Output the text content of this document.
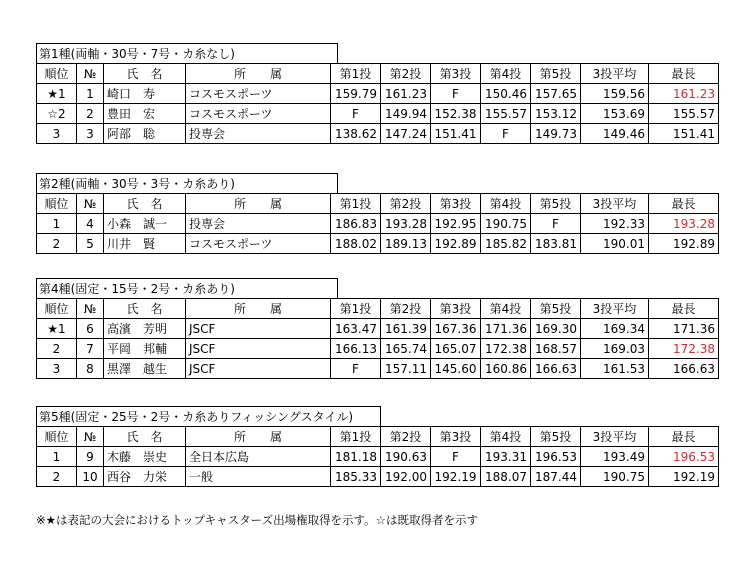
第1種(両軸・30号・7号・カ糸なし)
順位	№	氏　名	所　　属	第1投	第2投	第3投	第4投	第5投	3投平均	最長
★1	1	崎口　寿	コスモスポーツ	159.79	161.23	F	150.46	157.65	159.56	161.23
☆2	2	豊田　宏	コスモスポーツ	F	149.94	152.38	155.57	153.12	153.69	155.57
3	3	阿部　聡	投専会	138.62	147.24	151.41	F	149.73	149.46	151.41
第2種(両軸・30号・3号・カ糸あり)
順位	№	氏　名	所　　属	第1投	第2投	第3投	第4投	第5投	3投平均	最長
1	4	小森　誠一	投専会	186.83	193.28	192.95	190.75	F	192.33	193.28
2	5	川井　賢	コスモスポーツ	188.02	189.13	192.89	185.82	183.81	190.01	192.89
第4種(固定・15号・2号・カ糸あり)
順位	№	氏　名	所　　属	第1投	第2投	第3投	第4投	第5投	3投平均	最長
★1	6	高濱　芳明	JSCF	163.47	161.39	167.36	171.36	169.30	169.34	171.36
2	7	平岡　邦輔	JSCF	166.13	165.74	165.07	172.38	168.57	169.03	172.38
3	8	黒澤　越生	JSCF	F	157.11	145.60	160.86	166.63	161.53	166.63
第5種(固定・25号・2号・カ糸ありフィッシングスタイル)
順位	№	氏　名	所　　属	第1投	第2投	第3投	第4投	第5投	3投平均	最長
1	9	木藤　崇史	全日本広島	181.18	190.63	F	193.31	196.53	193.49	196.53
2	10	西谷　力栄	一般	185.33	192.00	192.19	188.07	187.44	190.75	192.19
※★は表記の大会におけるトップキャスターズ出場権取得を示す。☆は既取得者を示す
